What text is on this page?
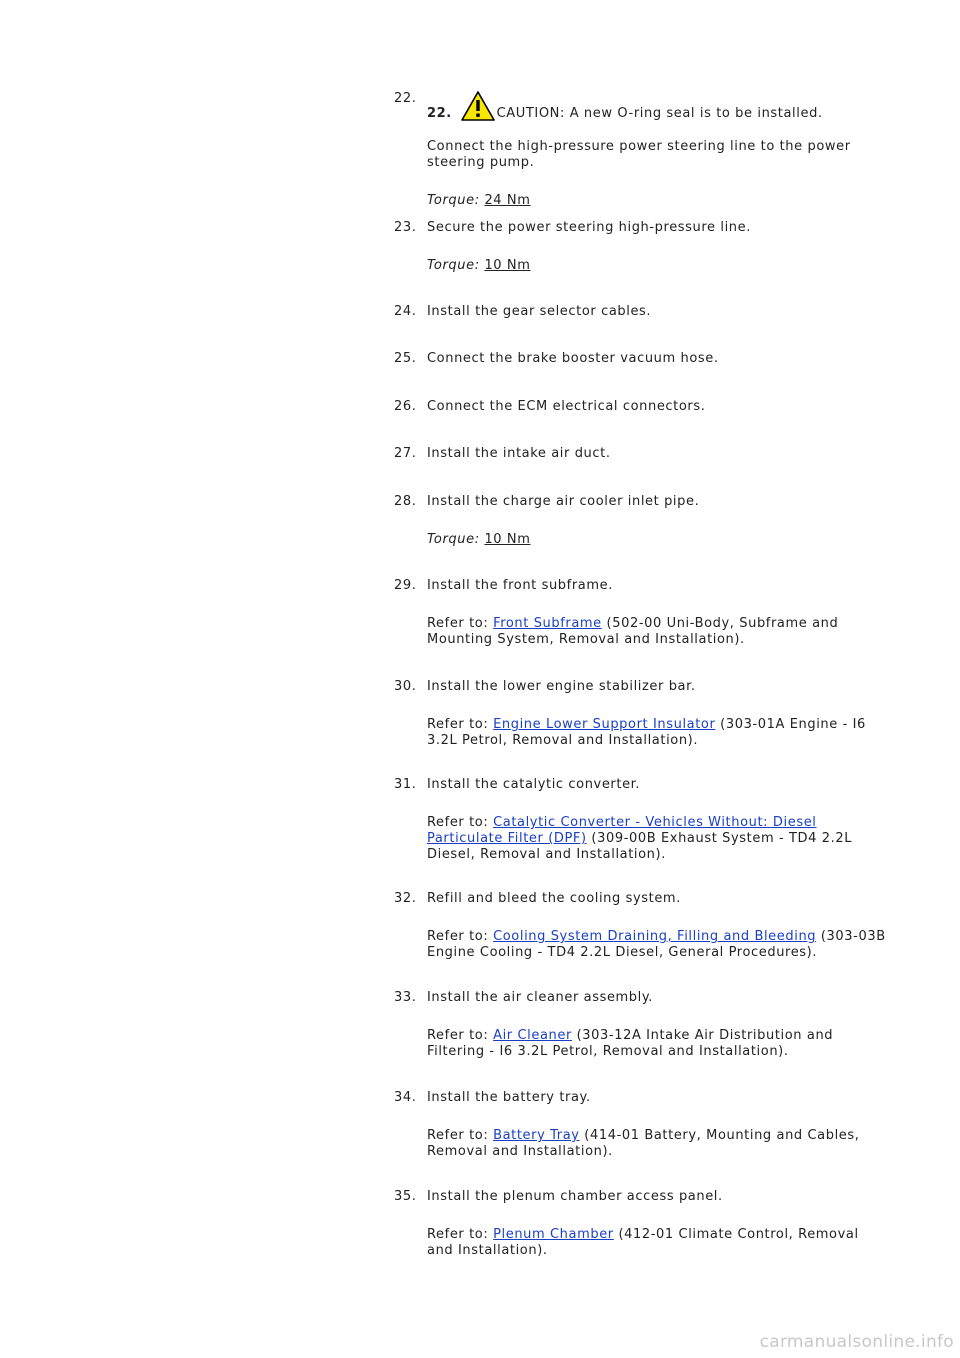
22.

22.	CAUTION: A new O-ring seal is to be installed.

Connect the high-pressure power steering line to the power steering pump.

Torque: 24 Nm

23. Secure the power steering high-pressure line.

Torque: 10 Nm

24. Install the gear selector cables.

25. Connect the brake booster vacuum hose.

26. Connect the ECM electrical connectors.

27. Install the intake air duct.

28. Install the charge air cooler inlet pipe.

Torque: 10 Nm

29. Install the front subframe.

Refer to: Front Subframe (502-00 Uni-Body, Subframe and Mounting System, Removal and Installation).

30. Install the lower engine stabilizer bar.

Refer to: Engine Lower Support Insulator (303-01A Engine - I6 3.2L Petrol, Removal and Installation).

31. Install the catalytic converter.

Refer to: Catalytic Converter - Vehicles Without: Diesel Particulate Filter (DPF) (309-00B Exhaust System - TD4 2.2L Diesel, Removal and Installation).

32. Refill and bleed the cooling system.

Refer to: Cooling System Draining, Filling and Bleeding (303-03B Engine Cooling - TD4 2.2L Diesel, General Procedures).

33. Install the air cleaner assembly.

Refer to: Air Cleaner (303-12A Intake Air Distribution and Filtering - I6 3.2L Petrol, Removal and Installation).

34. Install the battery tray.

Refer to: Battery Tray (414-01 Battery, Mounting and Cables, Removal and Installation).

35. Install the plenum chamber access panel.

Refer to: Plenum Chamber (412-01 Climate Control, Removal and Installation).

carmanualsonline.info
